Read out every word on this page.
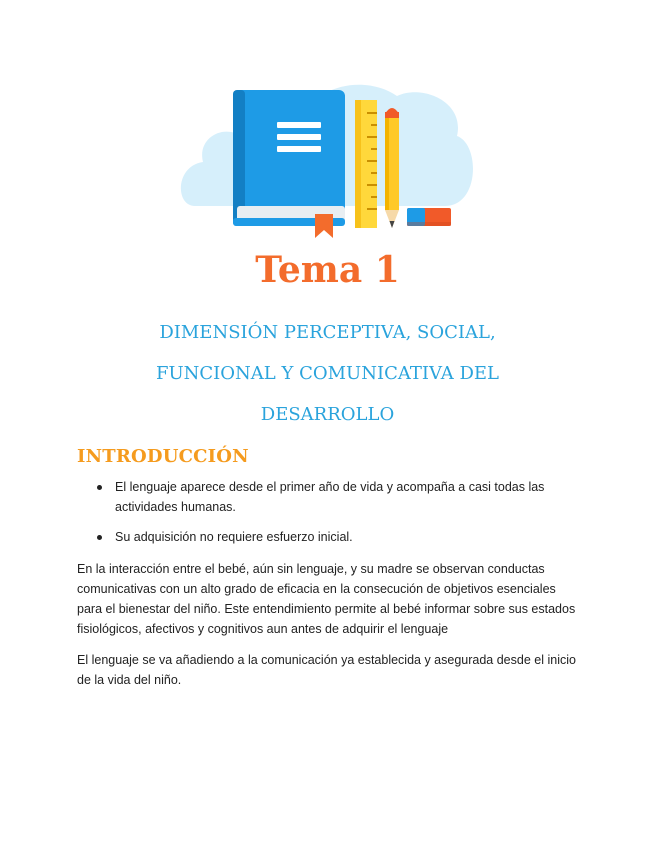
Tema 1

DIMENSIÓN PERCEPTIVA, SOCIAL, FUNCIONAL Y COMUNICATIVA DEL DESARROLLO

INTRODUCCIÓN
El lenguaje aparece desde el primer año de vida y acompaña a casi todas las actividades humanas.
Su adquisición no requiere esfuerzo inicial.

En la interacción entre el bebé, aún sin lenguaje, y su madre se observan conductas comunicativas con un alto grado de eficacia en la consecución de objetivos esenciales para el bienestar del niño. Este entendimiento permite al bebé informar sobre sus estados fisiológicos, afectivos y cognitivos aun antes de adquirir el lenguaje

El lenguaje se va añadiendo a la comunicación ya establecida y asegurada desde el inicio de la vida del niño.
